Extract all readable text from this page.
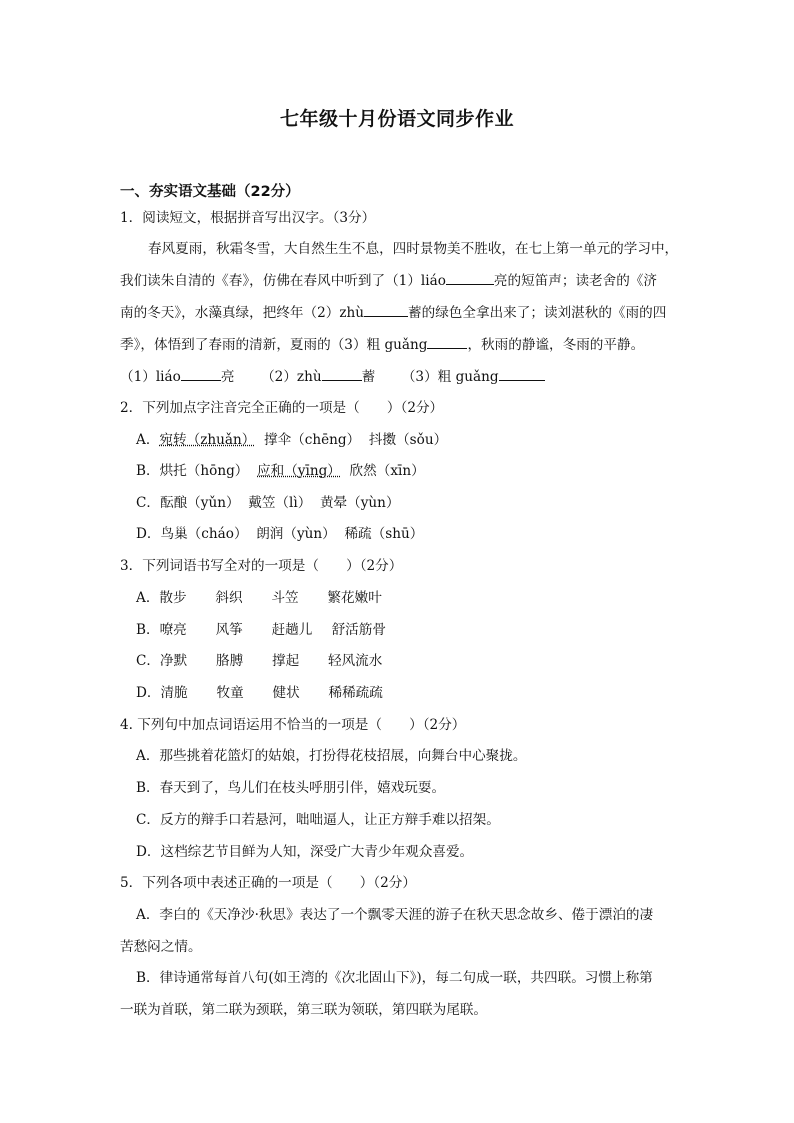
七年级十月份语文同步作业
一、夯实语文基础（22分）
1．阅读短文，根据拼音写出汉字。（3分）
春风夏雨，秋霜冬雪，大自然生生不息，四时景物美不胜收，在七上第一单元的学习中，
我们读朱自清的《春》，仿佛在春风中听到了（1）liáo	亮的短笛声；读老舍的《济
南的冬天》，水藻真绿，把终年（2）zhù	蓄的绿色全拿出来了；读刘湛秋的《雨的四
季》，体悟到了春雨的清新，夏雨的（3）粗 guǎng	，秋雨的静谧，冬雨的平静。
（1）liáo	亮 （2）zhù	蓄 （3）粗 guǎng
2．下列加点字注音完全正确的一项是（　　）（2分）
A．宛转（zhuǎn） 撑伞（chēng） 抖擞（sǒu）
B．烘托（hōng） 应和（yīng） 欣然（xīn）
C．酝酿（yǔn） 戴笠（lì） 黄晕（yùn）
D．鸟巢（cháo） 朗润（yùn） 稀疏（shū）
3．下列词语书写全对的一项是（　　）（2分）
A．散步 斜织 斗笠 繁花嫩叶
B．嘹亮 风筝 赶趟儿 舒活筋骨
C．净默 胳膊 撑起 轻风流水
D．清脆 牧童 健状 稀稀疏疏
4. 下列句中加点词语运用不恰当的一项是（　　）（2分）
A．那些挑着花篮灯的姑娘，打扮得花枝招展，向舞台中心聚拢。
B．春天到了，鸟儿们在枝头呼朋引伴，嬉戏玩耍。
C．反方的辩手口若悬河，咄咄逼人，让正方辩手难以招架。
D．这档综艺节目鲜为人知，深受广大青少年观众喜爱。
5．下列各项中表述正确的一项是（　　）（2分）
A．李白的《天净沙·秋思》表达了一个飘零天涯的游子在秋天思念故乡、倦于漂泊的凄
苦愁闷之情。
B．律诗通常每首八句(如王湾的《次北固山下》)，每二句成一联，共四联。习惯上称第
一联为首联，第二联为颈联，第三联为领联，第四联为尾联。
